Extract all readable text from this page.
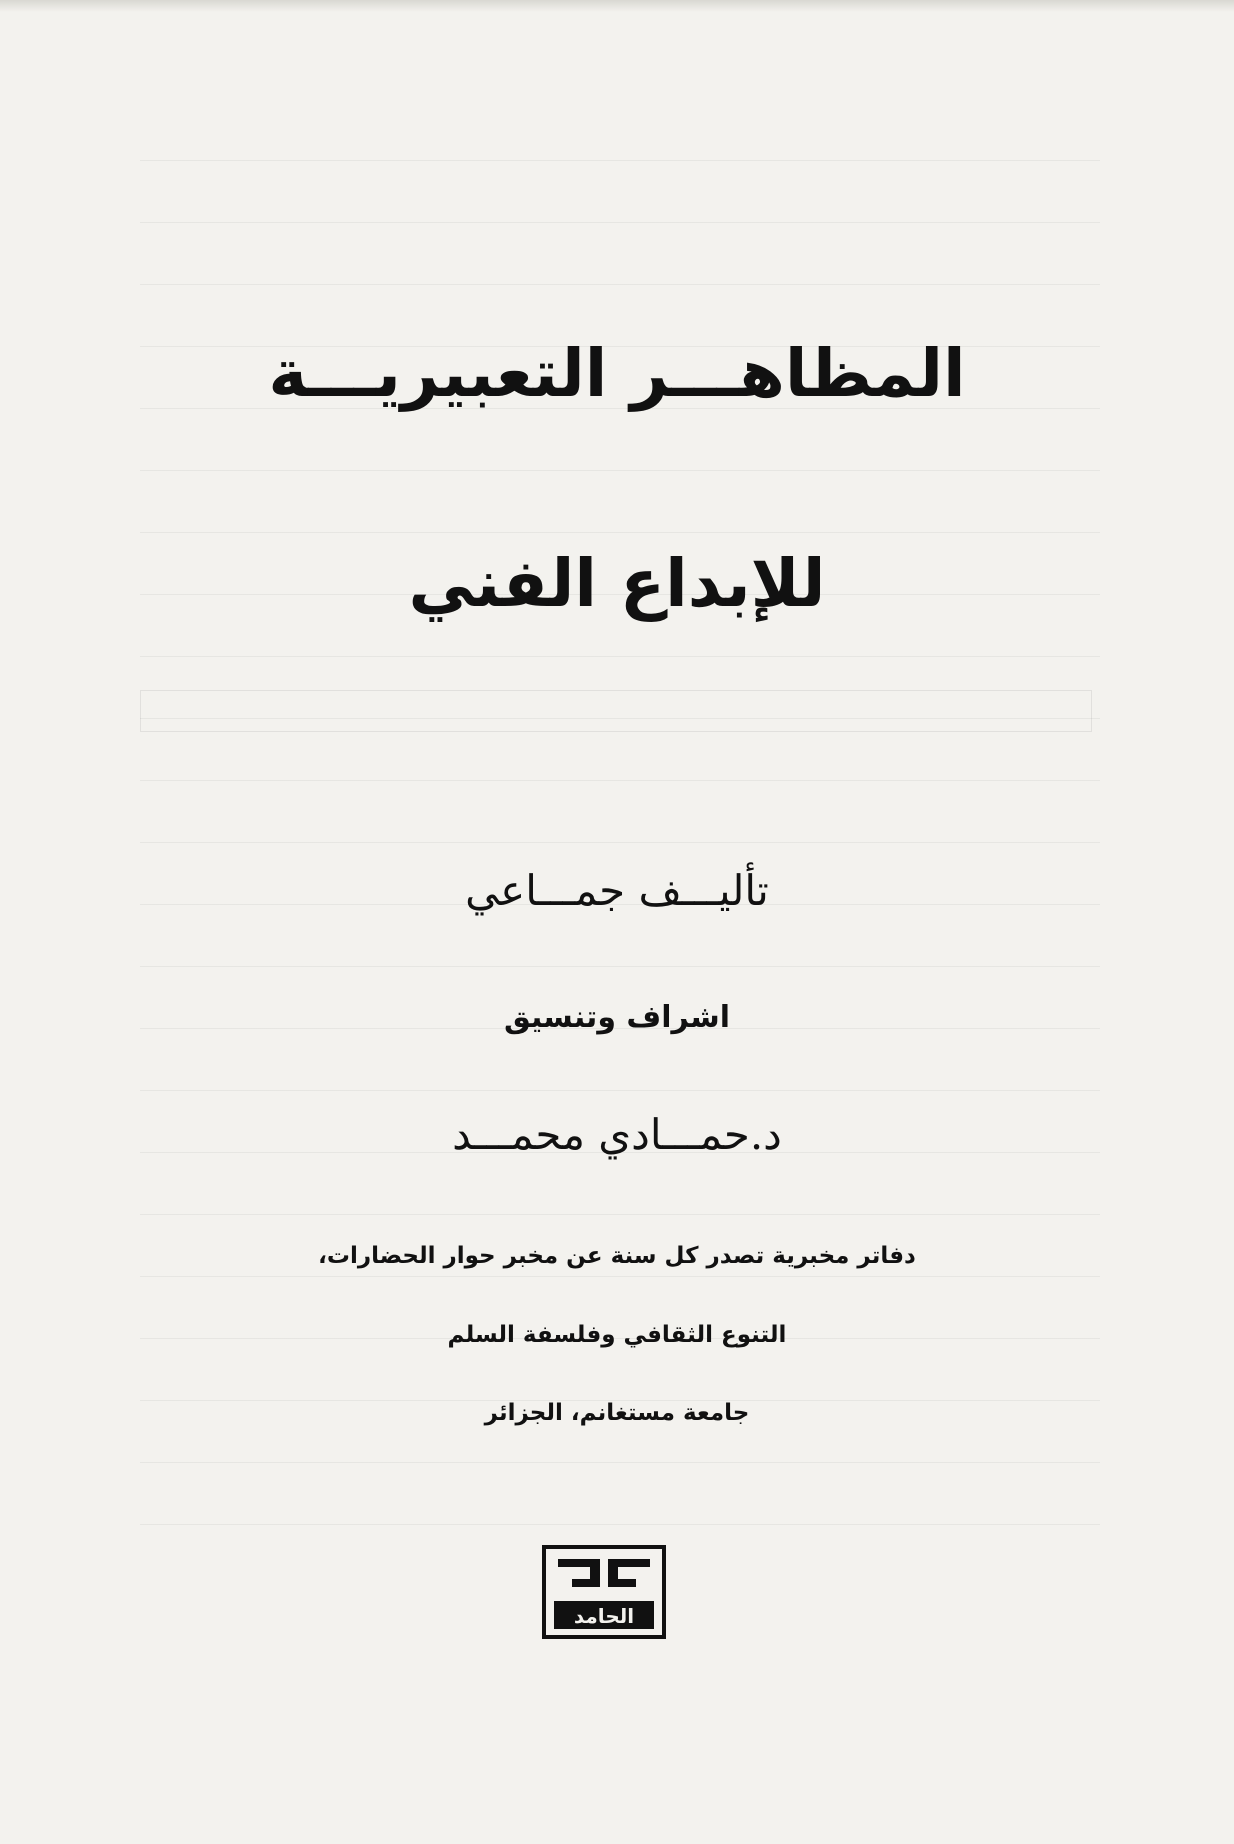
المظاهـــر التعبيريـــة
للإبداع الفني
تأليـــف جمـــاعي
اشراف وتنسيق
د.حمـــادي محمـــد
دفاتر مخبرية تصدر كل سنة عن مخبر حوار الحضارات،
التنوع الثقافي وفلسفة السلم
جامعة مستغانم، الجزائر
الحامد
